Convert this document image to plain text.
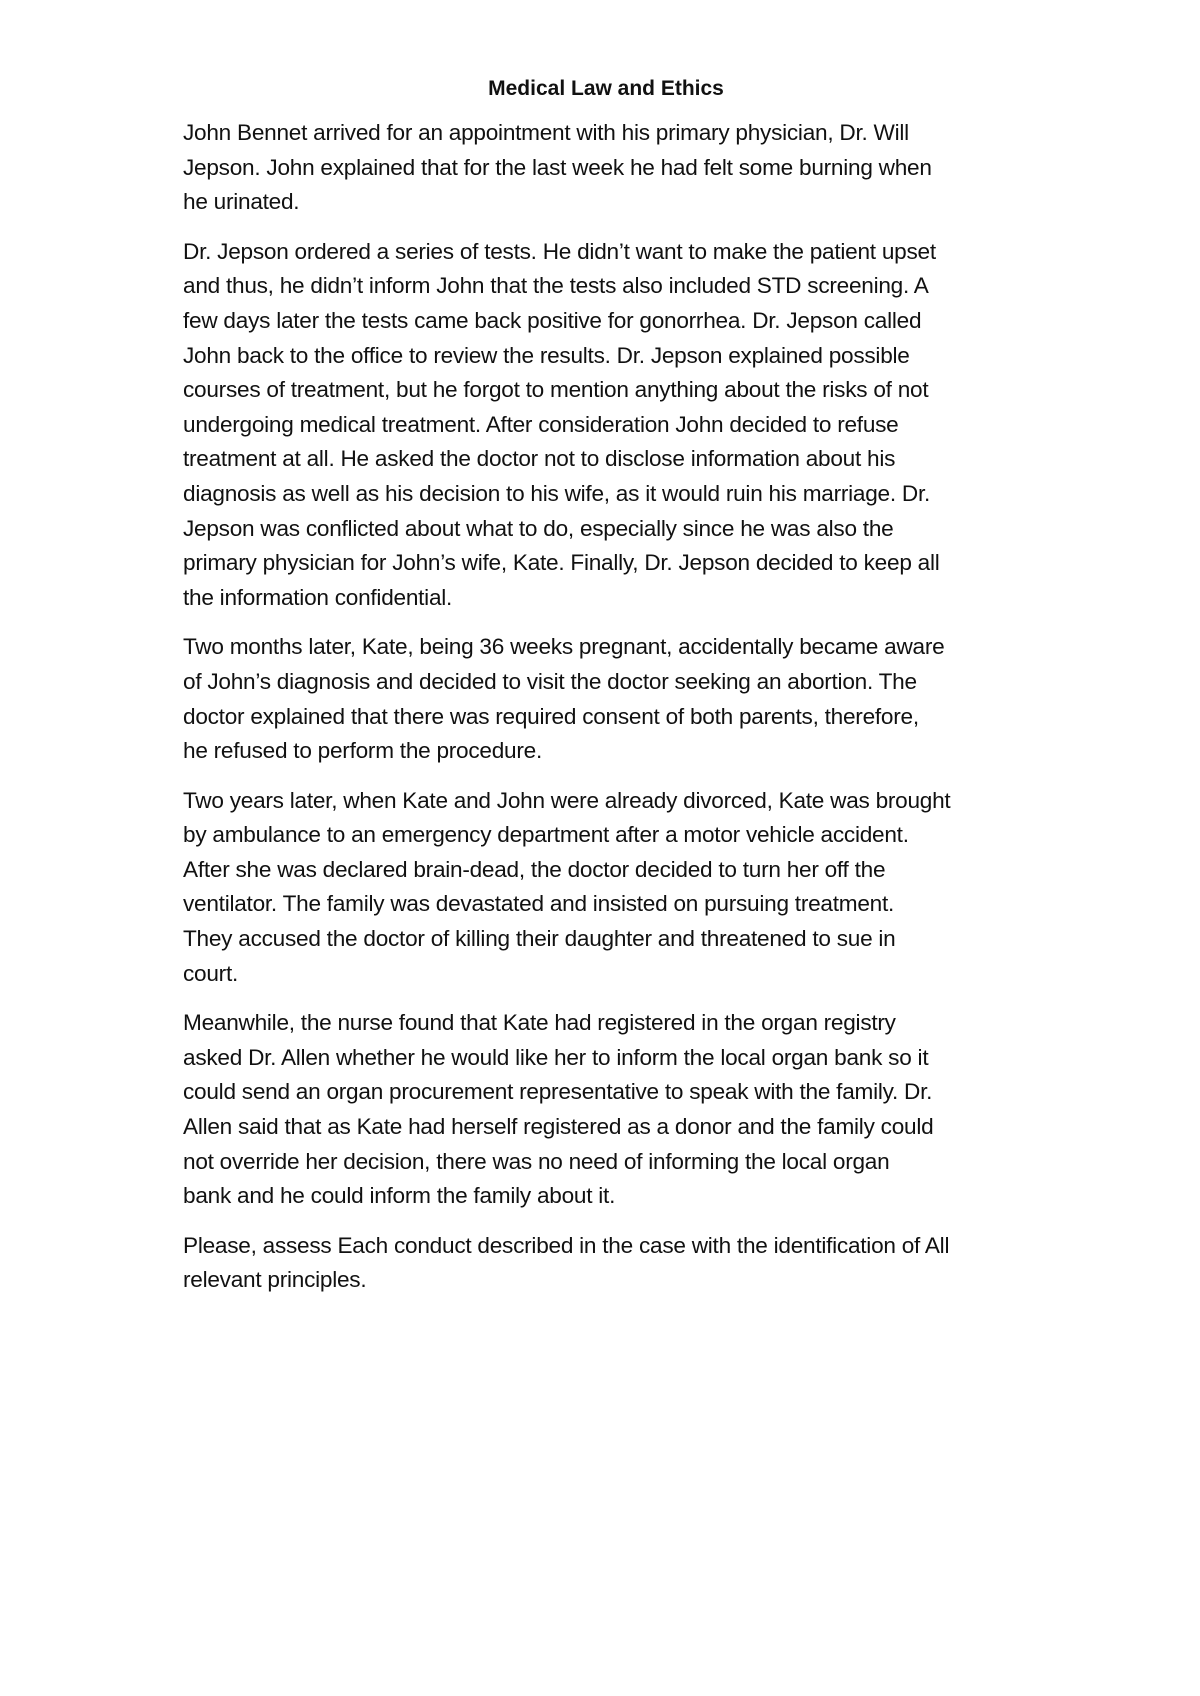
Medical Law and Ethics
John Bennet arrived for an appointment with his primary physician, Dr. Will
Jepson. John explained that for the last week he had felt some burning when
he urinated.
Dr. Jepson ordered a series of tests. He didn’t want to make the patient upset
and thus, he didn’t inform John that the tests also included STD screening. A
few days later the tests came back positive for gonorrhea. Dr. Jepson called
John back to the office to review the results. Dr. Jepson explained possible
courses of treatment, but he forgot to mention anything about the risks of not
undergoing medical treatment. After consideration John decided to refuse
treatment at all. He asked the doctor not to disclose information about his
diagnosis as well as his decision to his wife, as it would ruin his marriage. Dr.
Jepson was conflicted about what to do, especially since he was also the
primary physician for John’s wife, Kate. Finally, Dr. Jepson decided to keep all
the information confidential.
Two months later, Kate, being 36 weeks pregnant, accidentally became aware
of John’s diagnosis and decided to visit the doctor seeking an abortion. The
doctor explained that there was required consent of both parents, therefore,
he refused to perform the procedure.
Two years later, when Kate and John were already divorced, Kate was brought
by ambulance to an emergency department after a motor vehicle accident.
After she was declared brain-dead, the doctor decided to turn her off the
ventilator. The family was devastated and insisted on pursuing treatment.
They accused the doctor of killing their daughter and threatened to sue in
court.
Meanwhile, the nurse found that Kate had registered in the organ registry
asked Dr. Allen whether he would like her to inform the local organ bank so it
could send an organ procurement representative to speak with the family. Dr.
Allen said that as Kate had herself registered as a donor and the family could
not override her decision, there was no need of informing the local organ
bank and he could inform the family about it.
Please, assess Each conduct described in the case with the identification of All
relevant principles.
